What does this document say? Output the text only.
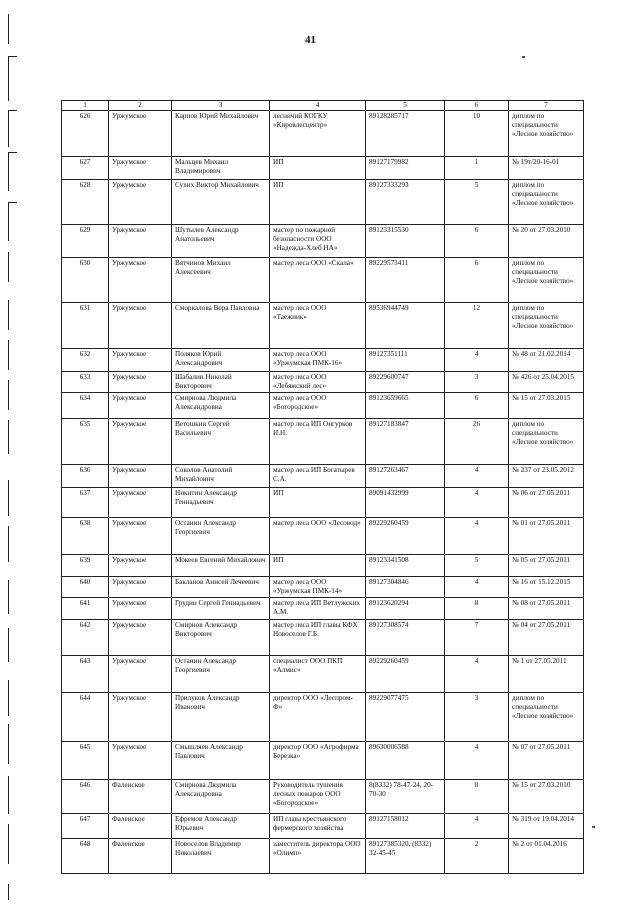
41
1	2	3	4	5	6	7
626	Уржумское	Карпов Юрий Михайлович	лесничий КОГКУ «Кировлесцентр»	89128285717	10	диплом по специальности «Лесное хозяйство»
627	Уржумское	Мальцев Михаил Владимирович	ИП	89127179982	1	№ 19т/20-16-01
628	Уржумское	Сухих Виктор Михайлович	ИП	89127333293	5	диплом по специальности «Лесное хозяйство»
629	Уржумское	Шутылев Александр Анатольевич	мастер по пожарной безопасности ООО «Надежда-Хлеб НА»	89123315530	6	№ 20 от 27.03.2010
630	Уржумское	Вятчинов Михаил Алексеевич	мастер леса ООО «Скала»	89229573411	6	диплом по специальности «Лесное хозяйство»
631	Уржумское	Сморкалова Вера Павловна	мастер леса ООО «Таежник»	89536944749	12	диплом по специальности «Лесное хозяйство»
632	Уржумское	Поляков Юрий Александрович	мастер леса ООО «Уржумская ПМК-16»	89127351111	4	№ 48 от 21.02.2014
633	Уржумское	Шабалин Николай Викторович	мастер леса ООО «Лебяжский лес»	89229600747	3	№ 426 от 25.04.2015
634	Уржумское	Смирнова Людмила Александровна	мастер леса ООО «Богородское»	89123659665	6	№ 15 от 27.03.2015
635	Уржумское	Ветошкин Сергей Васильевич	мастер леса ИП Онгурков И.Н.	89127183847	26	диплом по специальности «Лесное хозяйство»
636	Уржумское	Соколов Анатолий Михайлович	мастер леса ИП Богатырев С.А.	89127263467	4	№ 237 от 23.05.2012
637	Уржумское	Никитин Александр Геннадьевич	ИП	89091432999	4	№ 06 от 27.05.2011
638	Уржумское	Останин Александр Георгиевич	мастер леса ООО «Лесовод»	89229260459	4	№ 01 от 27.05.2011
639	Уржумское	Мокеев Евгений Михайлович	ИП	89123341508	5	№ 05 от 27.05.2011
640	Уржумское	Бакланов Анисей Лечеевич	мастер леса ООО «Уржумская ПМК-14»	89127304846	4	№ 16 от 15.12.2015
641	Уржумское	Грудин Сергей Геннадьевич	мастер леса ИП Ветлужских А.М.	89123620294	8	№ 08 от 27.05.2011
642	Уржумское	Смирнов Александр Викторович	мастер леса ИП главы КФХ Новоселов Г.Б.	89127308574	7	№ 04 от 27.05.2011
643	Уржумское	Останин Александр Георгиевич	специалист ООО ПКП «Алмис»	89229260459	4	№ 1 от 27.05.2011
644	Уржумское	Прилуков Александр Иванович	директор ООО «Леспром-Ф»	89229077475	3	диплом по специальности «Лесное хозяйство»
645	Уржумское	Смышляев Александр Павлович	директор ООО «Агрофирма Березка»	89630006588	4	№ 07 от 27.05.2011
646	Фаленское	Смирнова Людмила Александровна	Руководитель тушения лесных пожаров ООО «Богородское»	8(8332) 78-47-24, 20-70-30	8	№ 15 от 27.03.2010
647	Фаленское	Ефремов Александр Юрьевич	ИП глава крестьянского фермерского хозяйства	89127158012	4	№ 319 от 19.04.2014
648	Фаленское	Новоселов Владимир Николаевич	заместитель директора ООО «Олимп»	89127385320, (8332) 32-45-45	2	№ 2 от 01.04.2016
